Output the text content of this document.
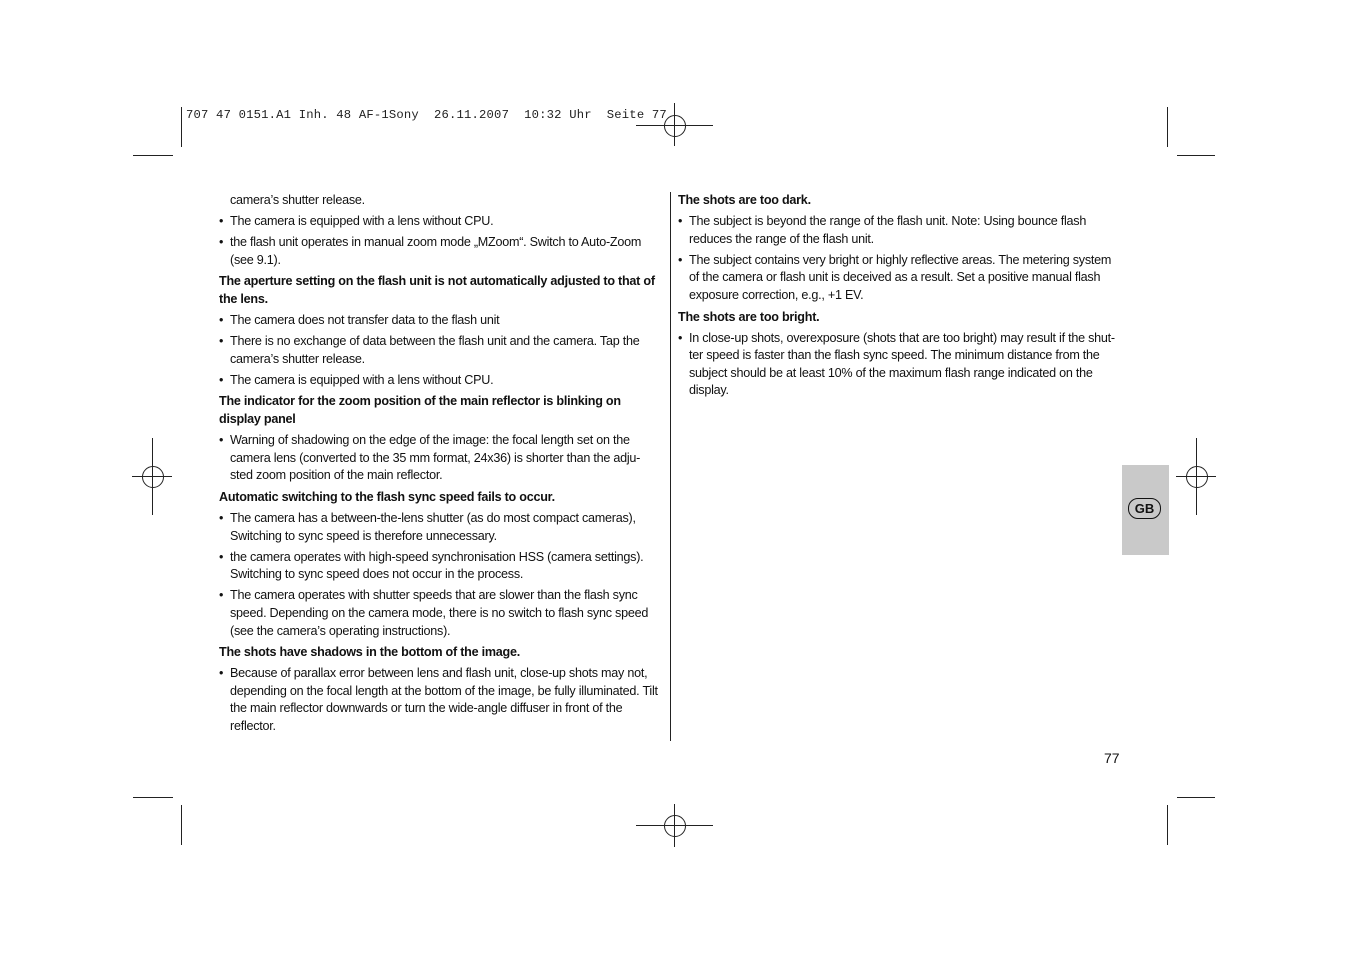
707 47 0151.A1 Inh. 48 AF-1Sony  26.11.2007  10:32 Uhr  Seite 77

camera’s shutter release.

• The camera is equipped with a lens without CPU.
• the flash unit operates in manual zoom mode „MZoom“. Switch to Auto-Zoom (see 9.1).

The aperture setting on the flash unit is not automatically adjusted to that of the lens.

• The camera does not transfer data to the flash unit
• There is no exchange of data between the flash unit and the camera. Tap the camera’s shutter release.
• The camera is equipped with a lens without CPU.

The indicator for the zoom position of the main reflector is blinking on display panel

• Warning of shadowing on the edge of the image: the focal length set on the camera lens (converted to the 35 mm format, 24x36) is shorter than the adju-sted zoom position of the main reflector.

Automatic switching to the flash sync speed fails to occur.

• The camera has a between-the-lens shutter (as do most compact cameras), Switching to sync speed is therefore unnecessary.
• the camera operates with high-speed synchronisation HSS (camera settings). Switching to sync speed does not occur in the process.
• The camera operates with shutter speeds that are slower than the flash sync speed. Depending on the camera mode, there is no switch to flash sync speed (see the camera’s operating instructions).

The shots have shadows in the bottom of the image.

• Because of parallax error between lens and flash unit, close-up shots may not, depending on the focal length at the bottom of the image, be fully illuminated. Tilt the main reflector downwards or turn the wide-angle diffuser in front of the reflector.

The shots are too dark.

• The subject is beyond the range of the flash unit. Note: Using bounce flash reduces the range of the flash unit.
• The subject contains very bright or highly reflective areas. The metering system of the camera or flash unit is deceived as a result. Set a positive manual flash exposure correction, e.g., +1 EV.

The shots are too bright.

• In close-up shots, overexposure (shots that are too bright) may result if the shut-ter speed is faster than the flash sync speed. The minimum distance from the subject should be at least 10% of the maximum flash range indicated on the display.
GB
77
